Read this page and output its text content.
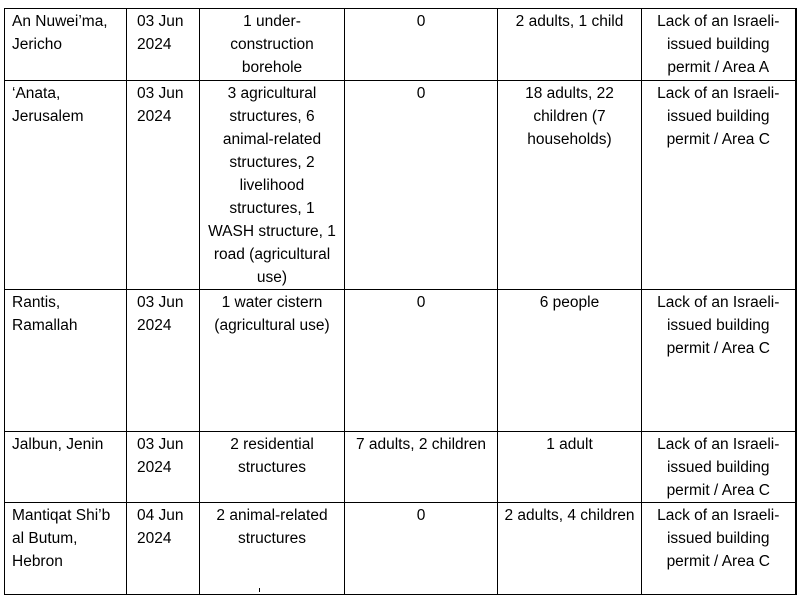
An Nuwei’ma, Jericho	03 Jun 2024	1 under-construction borehole	0	2 adults, 1 child	Lack of an Israeli-issued building permit / Area A
‘Anata, Jerusalem	03 Jun 2024	3 agricultural structures, 6 animal-related structures, 2 livelihood structures, 1 WASH structure, 1 road (agricultural use)	0	18 adults, 22 children (7 households)	Lack of an Israeli-issued building permit / Area C
Rantis, Ramallah	03 Jun 2024	1 water cistern (agricultural use)	0	6 people	Lack of an Israeli-issued building permit / Area C
Jalbun, Jenin	03 Jun 2024	2 residential structures	7 adults, 2 children	1 adult	Lack of an Israeli-issued building permit / Area C
Mantiqat Shi’b al Butum, Hebron	04 Jun 2024	2 animal-related structures	0	2 adults, 4 children	Lack of an Israeli-issued building permit / Area C
